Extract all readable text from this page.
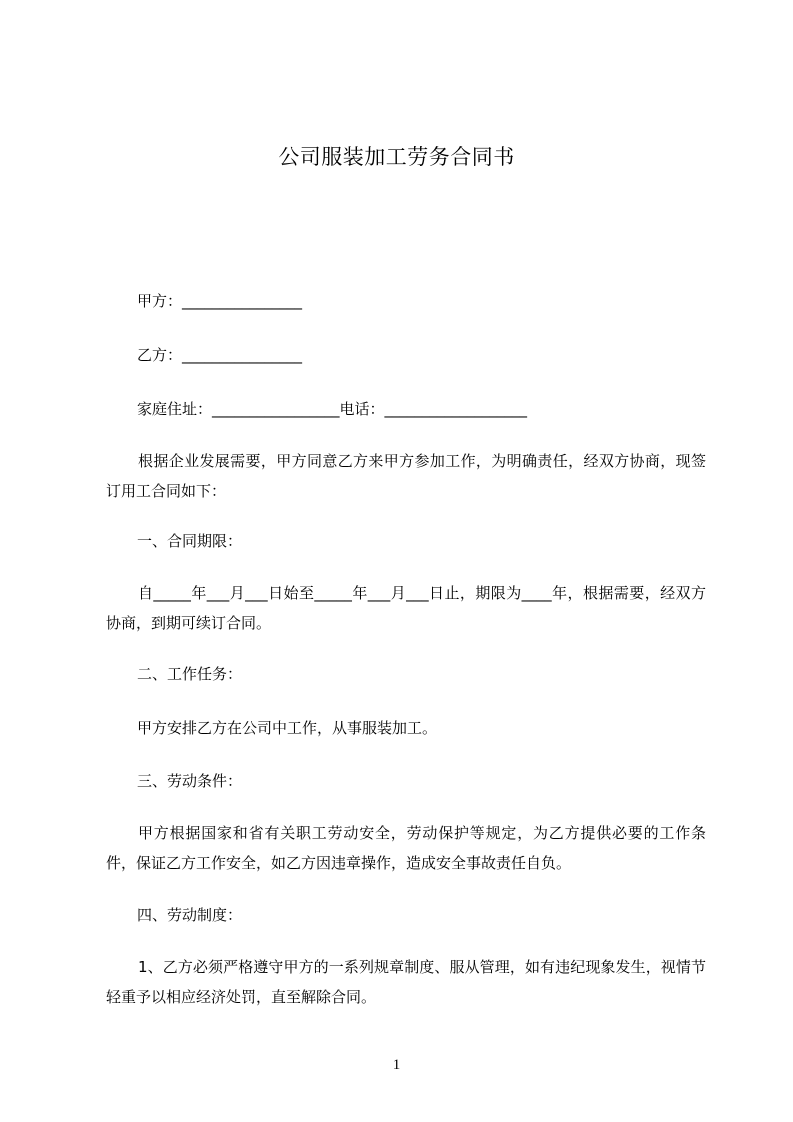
公司服装加工劳务合同书
甲方：________________
乙方：________________
家庭住址：_________________电话：___________________
根据企业发展需要，甲方同意乙方来甲方参加工作，为明确责任，经双方协商，现签订用工合同如下：
一、合同期限：
自_____年___月___日始至_____年___月___日止，期限为____年，根据需要，经双方协商，到期可续订合同。
二、工作任务：
甲方安排乙方在公司中工作，从事服装加工。
三、劳动条件：
甲方根据国家和省有关职工劳动安全，劳动保护等规定，为乙方提供必要的工作条件，保证乙方工作安全，如乙方因违章操作，造成安全事故责任自负。
四、劳动制度：
1、乙方必须严格遵守甲方的一系列规章制度、服从管理，如有违纪现象发生，视情节轻重予以相应经济处罚，直至解除合同。
1
